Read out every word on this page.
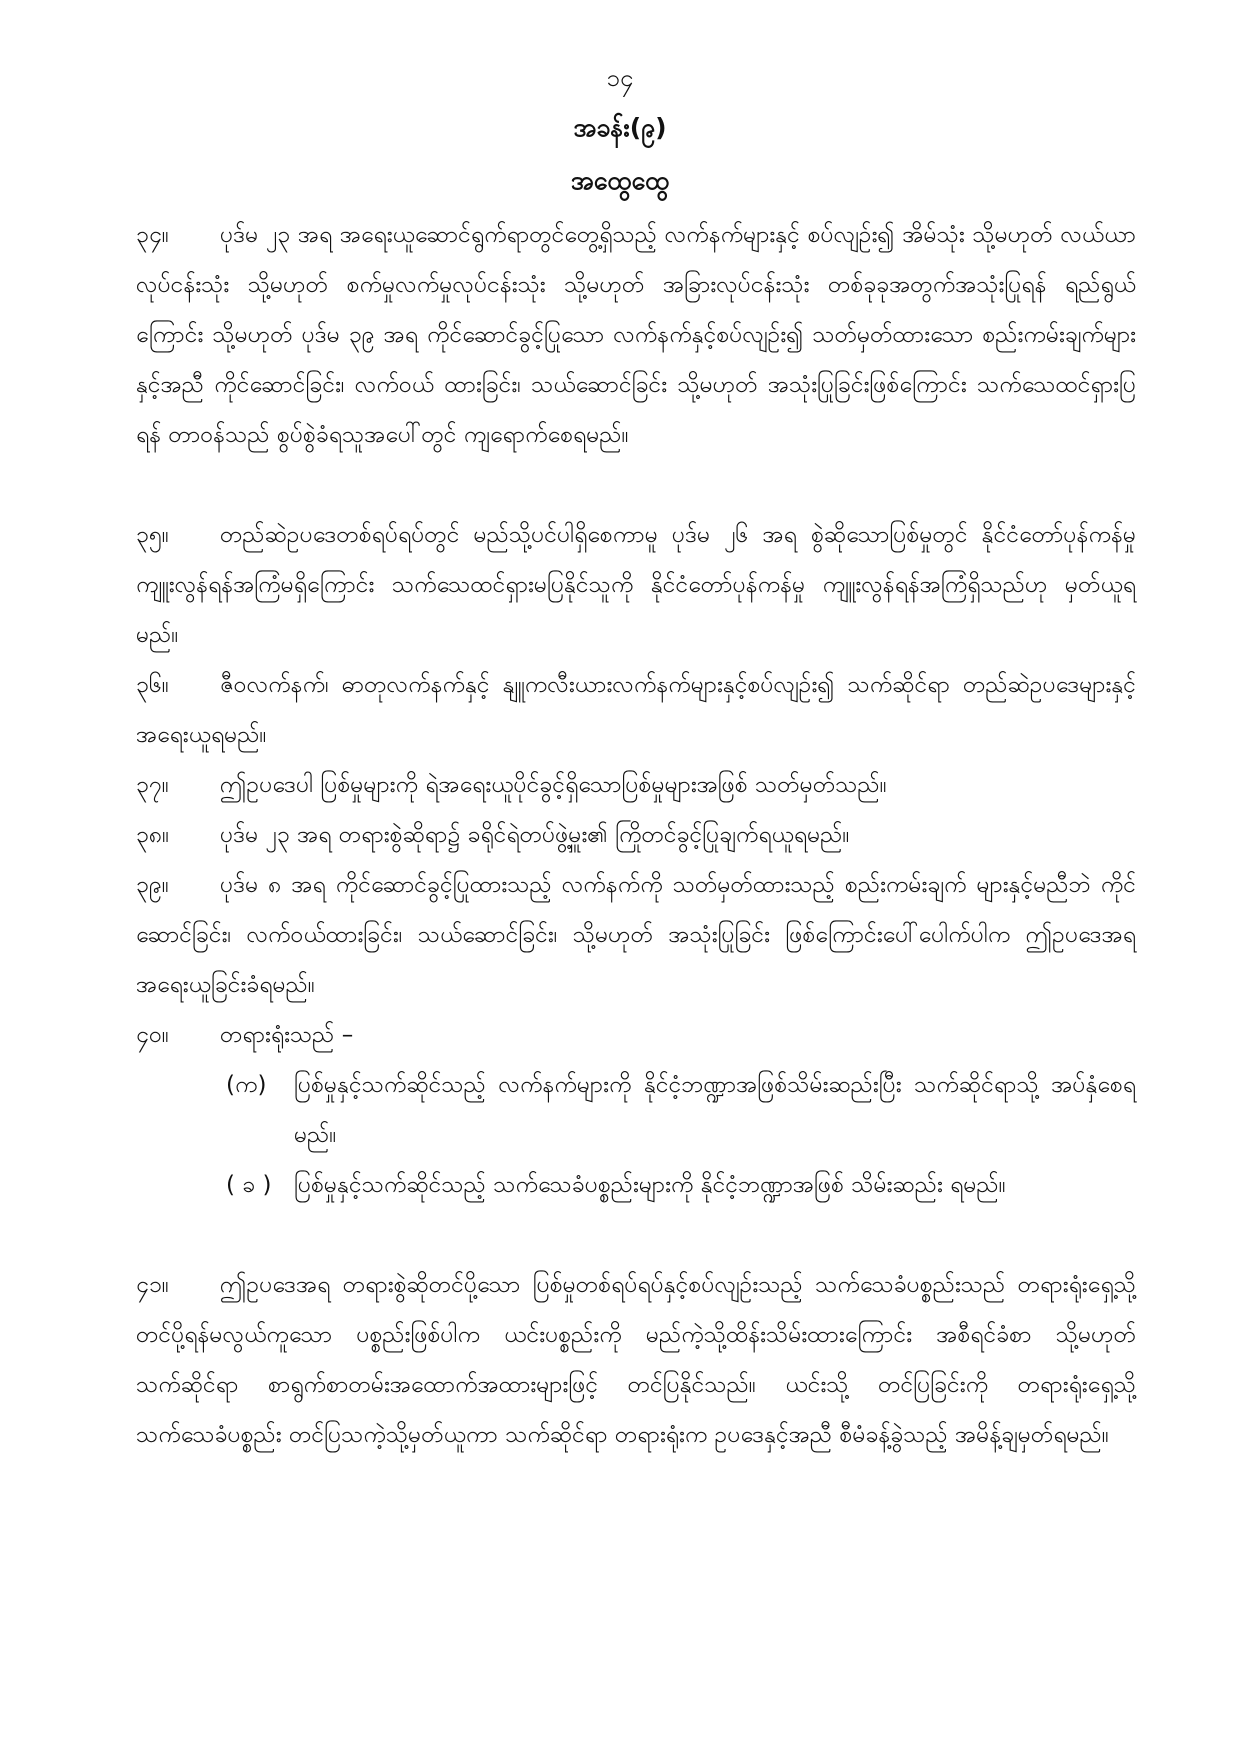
၁၄
အခန်း(၉)
အထွေထွေ
၃၄။ ပုဒ်မ ၂၃ အရ အရေးယူဆောင်ရွက်ရာတွင်တွေ့ရှိသည့် လက်နက်များနှင့် စပ်လျဉ်း၍ အိမ်သုံး သို့မဟုတ် လယ်ယာလုပ်ငန်းသုံး သို့မဟုတ် စက်မှုလက်မှုလုပ်ငန်းသုံး သို့မဟုတ် အခြားလုပ်ငန်းသုံး တစ်ခုခုအတွက်အသုံးပြုရန် ရည်ရွယ်ကြောင်း သို့မဟုတ် ပုဒ်မ ၃၉ အရ ကိုင်ဆောင်ခွင့်ပြုသော လက်နက်နှင့်စပ်လျဉ်း၍ သတ်မှတ်ထားသော စည်းကမ်းချက်များနှင့်အညီ ကိုင်ဆောင်ခြင်း၊ လက်ဝယ် ထားခြင်း၊ သယ်ဆောင်ခြင်း သို့မဟုတ် အသုံးပြုခြင်းဖြစ်ကြောင်း သက်သေထင်ရှားပြရန် တာဝန်သည် စွပ်စွဲခံရသူအပေါ်တွင် ကျရောက်စေရမည်။
၃၅။ တည်ဆဲဥပဒေတစ်ရပ်ရပ်တွင် မည်သို့ပင်ပါရှိစေကာမူ ပုဒ်မ ၂၆ အရ စွဲဆိုသောပြစ်မှုတွင် နိုင်ငံတော်ပုန်ကန်မှုကျူးလွန်ရန်အကြံမရှိကြောင်း သက်သေထင်ရှားမပြနိုင်သူကို နိုင်ငံတော်ပုန်ကန်မှု ကျူးလွန်ရန်အကြံရှိသည်ဟု မှတ်ယူရမည်။
၃၆။ ဇီဝလက်နက်၊ ဓာတုလက်နက်နှင့် နျူကလီးယားလက်နက်များနှင့်စပ်လျဉ်း၍ သက်ဆိုင်ရာ တည်ဆဲဥပဒေများနှင့် အရေးယူရမည်။
၃၇။ ဤဥပဒေပါ ပြစ်မှုများကို ရဲအရေးယူပိုင်ခွင့်ရှိသောပြစ်မှုများအဖြစ် သတ်မှတ်သည်။
၃၈။ ပုဒ်မ ၂၃ အရ တရားစွဲဆိုရာ၌ ခရိုင်ရဲတပ်ဖွဲ့မှူး၏ ကြိုတင်ခွင့်ပြုချက်ရယူရမည်။
၃၉။ ပုဒ်မ ၈ အရ ကိုင်ဆောင်ခွင့်ပြုထားသည့် လက်နက်ကို သတ်မှတ်ထားသည့် စည်းကမ်းချက် များနှင့်မညီဘဲ ကိုင်ဆောင်ခြင်း၊ လက်ဝယ်ထားခြင်း၊ သယ်ဆောင်ခြင်း၊ သို့မဟုတ် အသုံးပြုခြင်း ဖြစ်ကြောင်းပေါ်ပေါက်ပါက ဤဥပဒေအရ အရေးယူခြင်းခံရမည်။
၄၀။ တရားရုံးသည် –
(က)	ပြစ်မှုနှင့်သက်ဆိုင်သည့် လက်နက်များကို နိုင်ငံ့ဘဏ္ဍာအဖြစ်သိမ်းဆည်းပြီး သက်ဆိုင်ရာသို့ အပ်နှံစေရမည်။
( ခ ) ပြစ်မှုနှင့်သက်ဆိုင်သည့် သက်သေခံပစ္စည်းများကို နိုင်ငံ့ဘဏ္ဍာအဖြစ် သိမ်းဆည်း ရမည်။
၄၁။ ဤဥပဒေအရ တရားစွဲဆိုတင်ပို့သော ပြစ်မှုတစ်ရပ်ရပ်နှင့်စပ်လျဉ်းသည့် သက်သေခံပစ္စည်းသည် တရားရုံးရှေ့သို့ တင်ပို့ရန်မလွယ်ကူသော ပစ္စည်းဖြစ်ပါက ယင်းပစ္စည်းကို မည်ကဲ့သို့ထိန်းသိမ်းထားကြောင်း အစီရင်ခံစာ သို့မဟုတ် သက်ဆိုင်ရာ စာရွက်စာတမ်းအထောက်အထားများဖြင့် တင်ပြနိုင်သည်။ ယင်းသို့ တင်ပြခြင်းကို တရားရုံးရှေ့သို့ သက်သေခံပစ္စည်း တင်ပြသကဲ့သို့မှတ်ယူကာ သက်ဆိုင်ရာ တရားရုံးက ဥပဒေနှင့်အညီ စီမံခန့်ခွဲသည့် အမိန့်ချမှတ်ရမည်။
